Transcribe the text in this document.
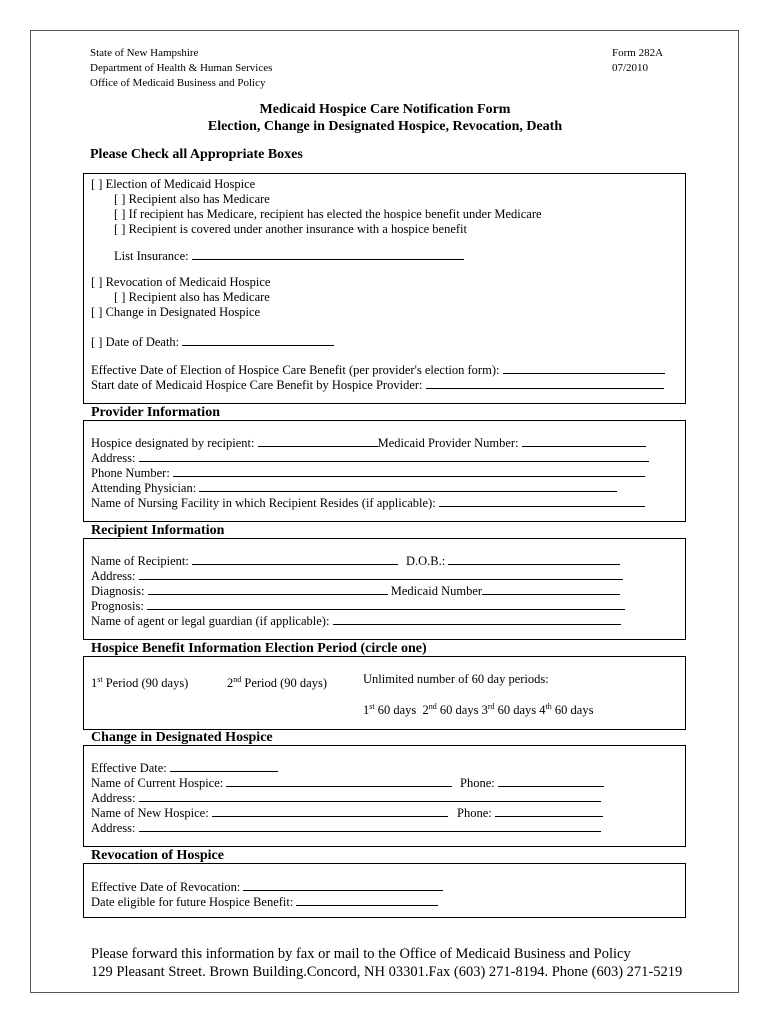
State of New Hampshire
Department of Health & Human Services
Office of Medicaid Business and Policy
Form 282A
07/2010
Medicaid Hospice Care Notification Form
Election, Change in Designated Hospice, Revocation, Death
Please Check all Appropriate Boxes
[ ] Election of Medicaid Hospice
[ ] Recipient also has Medicare
[ ] If recipient has Medicare, recipient has elected the hospice benefit under Medicare
[ ] Recipient is covered under another insurance with a hospice benefit
List Insurance:
[ ] Revocation of Medicaid Hospice
[ ] Recipient also has Medicare
[ ] Change in Designated Hospice
[ ] Date of Death:
Effective Date of Election of Hospice Care Benefit (per provider's election form):
Start date of Medicaid Hospice Care Benefit by Hospice Provider:
Provider Information
Hospice designated by recipient:	Medicaid Provider Number:
Address:
Phone Number:
Attending Physician:
Name of Nursing Facility in which Recipient Resides (if applicable):
Recipient Information
Name of Recipient:	D.O.B.:
Address:
Diagnosis:	Medicaid Number
Prognosis:
Name of agent or legal guardian (if applicable):
Hospice Benefit Information Election Period (circle one)
1st Period (90 days)	2nd Period (90 days)	Unlimited number of 60 day periods:
1st 60 days 2nd 60 days 3rd 60 days 4th 60 days
Change in Designated Hospice
Effective Date:
Name of Current Hospice:	Phone:
Address:
Name of New Hospice:	Phone:
Address:
Revocation of Hospice
Effective Date of Revocation:
Date eligible for future Hospice Benefit:
Please forward this information by fax or mail to the Office of Medicaid Business and Policy
129 Pleasant Street. Brown Building.Concord, NH 03301.Fax (603) 271-8194. Phone (603) 271-5219
